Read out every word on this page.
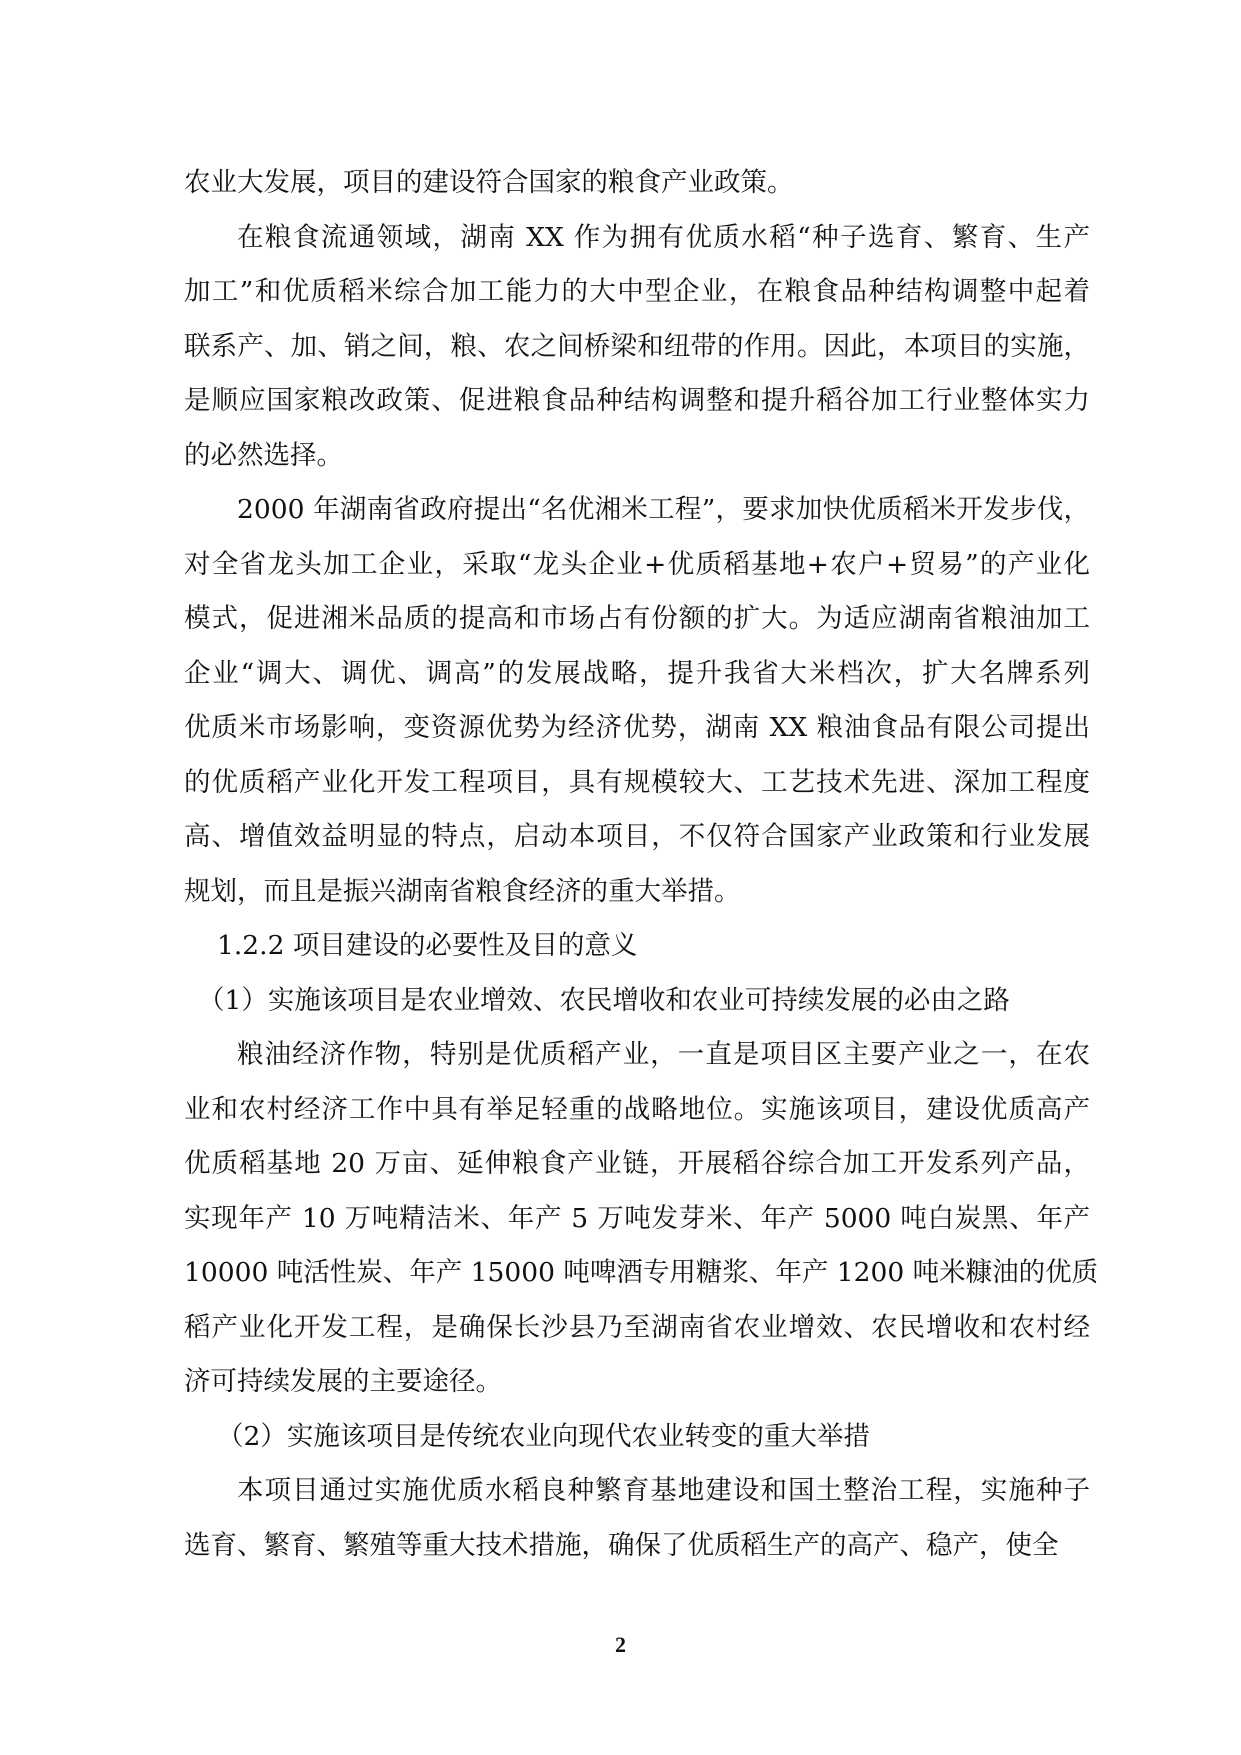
农业大发展，项目的建设符合国家的粮食产业政策。

在粮食流通领域，湖南 XX 作为拥有优质水稻“种子选育、繁育、生产
加工”和优质稻米综合加工能力的大中型企业，在粮食品种结构调整中起着
联系产、加、销之间，粮、农之间桥梁和纽带的作用。因此，本项目的实施，
是顺应国家粮改政策、促进粮食品种结构调整和提升稻谷加工行业整体实力
的必然选择。

2000 年湖南省政府提出“名优湘米工程”，要求加快优质稻米开发步伐，
对全省龙头加工企业，采取“龙头企业+优质稻基地+农户+贸易”的产业化
模式，促进湘米品质的提高和市场占有份额的扩大。为适应湖南省粮油加工
企业“调大、调优、调高”的发展战略，提升我省大米档次，扩大名牌系列
优质米市场影响，变资源优势为经济优势，湖南 XX 粮油食品有限公司提出
的优质稻产业化开发工程项目，具有规模较大、工艺技术先进、深加工程度
高、增值效益明显的特点，启动本项目，不仅符合国家产业政策和行业发展
规划，而且是振兴湖南省粮食经济的重大举措。

1.2.2 项目建设的必要性及目的意义

（1）实施该项目是农业增效、农民增收和农业可持续发展的必由之路

粮油经济作物，特别是优质稻产业，一直是项目区主要产业之一，在农
业和农村经济工作中具有举足轻重的战略地位。实施该项目，建设优质高产
优质稻基地 20 万亩、延伸粮食产业链，开展稻谷综合加工开发系列产品，
实现年产 10 万吨精洁米、年产 5 万吨发芽米、年产 5000 吨白炭黑、年产
10000 吨活性炭、年产 15000 吨啤酒专用糖浆、年产 1200 吨米糠油的优质
稻产业化开发工程，是确保长沙县乃至湖南省农业增效、农民增收和农村经
济可持续发展的主要途径。

（2）实施该项目是传统农业向现代农业转变的重大举措

本项目通过实施优质水稻良种繁育基地建设和国土整治工程，实施种子
选育、繁育、繁殖等重大技术措施，确保了优质稻生产的高产、稳产，使全

2
